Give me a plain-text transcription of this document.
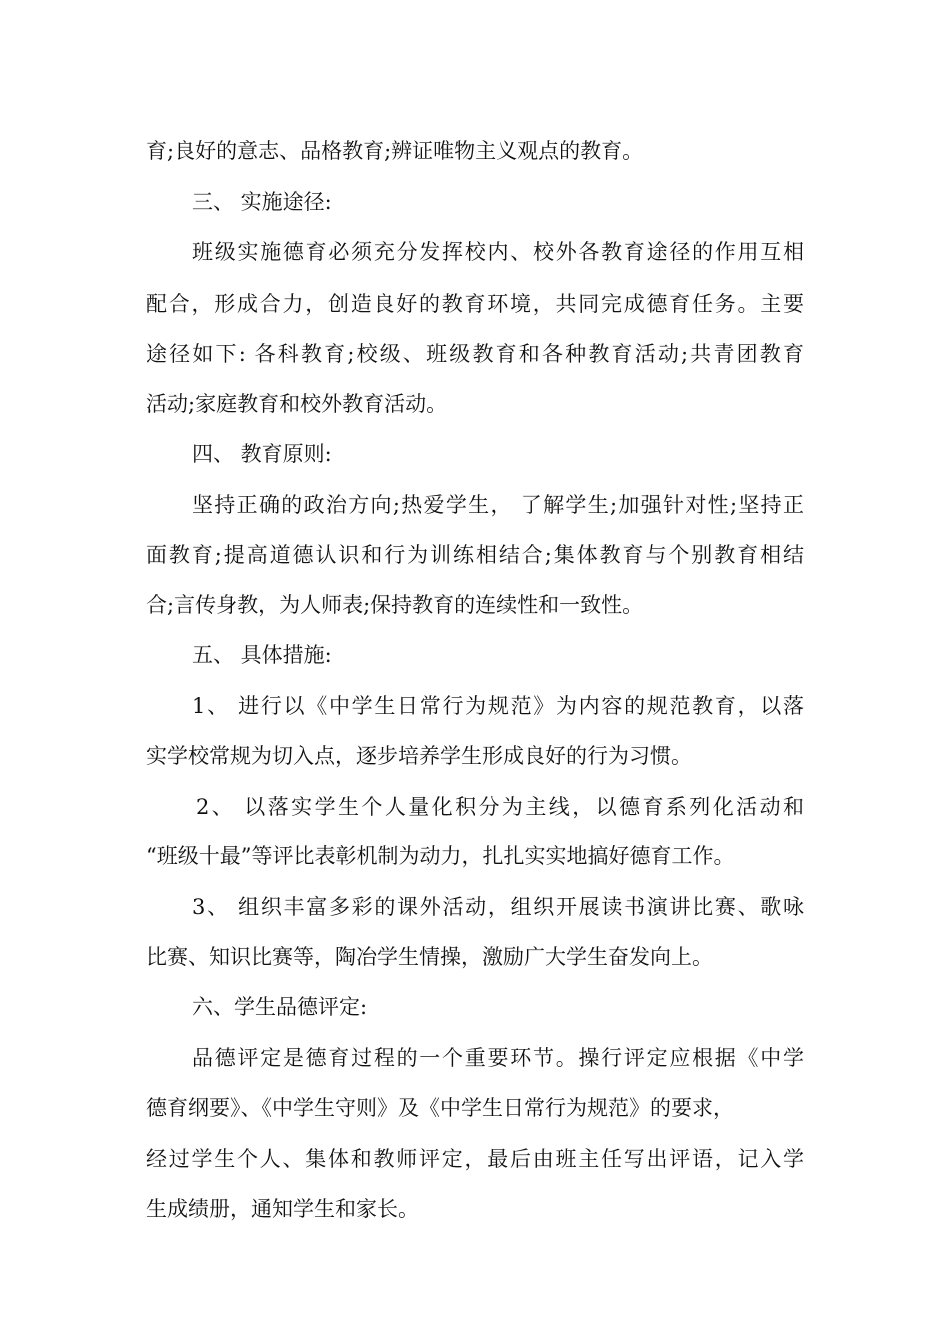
育;良好的意志、品格教育;辨证唯物主义观点的教育。
三、 实施途径:
班级实施德育必须充分发挥校内、校外各教育途径的作用互相
配合，形成合力，创造良好的教育环境，共同完成德育任务。主要
途径如下: 各科教育;校级、班级教育和各种教育活动;共青团教育
活动;家庭教育和校外教育活动。
四、 教育原则:
坚持正确的政治方向;热爱学生， 了解学生;加强针对性;坚持正
面教育;提高道德认识和行为训练相结合;集体教育与个别教育相结
合;言传身教，为人师表;保持教育的连续性和一致性。
五、 具体措施:
1、 进行以《中学生日常行为规范》为内容的规范教育，以落
实学校常规为切入点，逐步培养学生形成良好的行为习惯。
2、 以落实学生个人量化积分为主线，以德育系列化活动和
“班级十最”等评比表彰机制为动力，扎扎实实地搞好德育工作。
3、 组织丰富多彩的课外活动，组织开展读书演讲比赛、歌咏
比赛、知识比赛等，陶冶学生情操，激励广大学生奋发向上。
六、学生品德评定:
品德评定是德育过程的一个重要环节。操行评定应根据《中学
德育纲要》、《中学生守则》及《中学生日常行为规范》的要求，
经过学生个人、集体和教师评定，最后由班主任写出评语，记入学
生成绩册，通知学生和家长。
